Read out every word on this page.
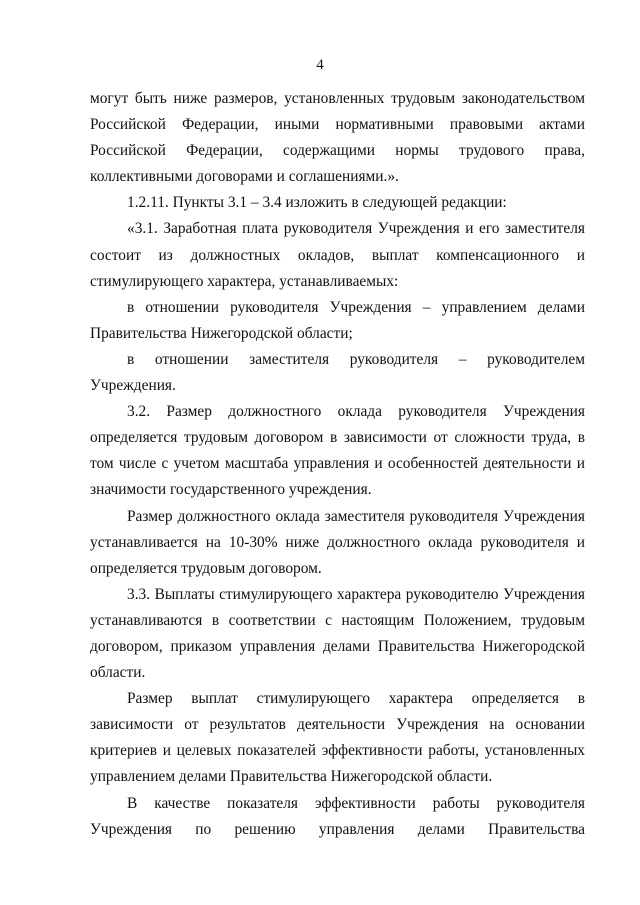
4

могут быть ниже размеров, установленных трудовым законодательством Российской Федерации, иными нормативными правовыми актами Российской Федерации, содержащими нормы трудового права, коллективными договорами и соглашениями.».

1.2.11. Пункты 3.1 – 3.4 изложить в следующей редакции:

«3.1. Заработная плата руководителя Учреждения и его заместителя состоит из должностных окладов, выплат компенсационного и стимулирующего характера, устанавливаемых:

в отношении руководителя Учреждения – управлением делами Правительства Нижегородской области;

в отношении заместителя руководителя – руководителем Учреждения.

3.2. Размер должностного оклада руководителя Учреждения определяется трудовым договором в зависимости от сложности труда, в том числе с учетом масштаба управления и особенностей деятельности и значимости государственного учреждения.

Размер должностного оклада заместителя руководителя Учреждения устанавливается на 10-30% ниже должностного оклада руководителя и определяется трудовым договором.

3.3. Выплаты стимулирующего характера руководителю Учреждения устанавливаются в соответствии с настоящим Положением, трудовым договором, приказом управления делами Правительства Нижегородской области.

Размер выплат стимулирующего характера определяется в зависимости от результатов деятельности Учреждения на основании критериев и целевых показателей эффективности работы, установленных управлением делами Правительства Нижегородской области.

В качестве показателя эффективности работы руководителя Учреждения по решению управления делами Правительства
